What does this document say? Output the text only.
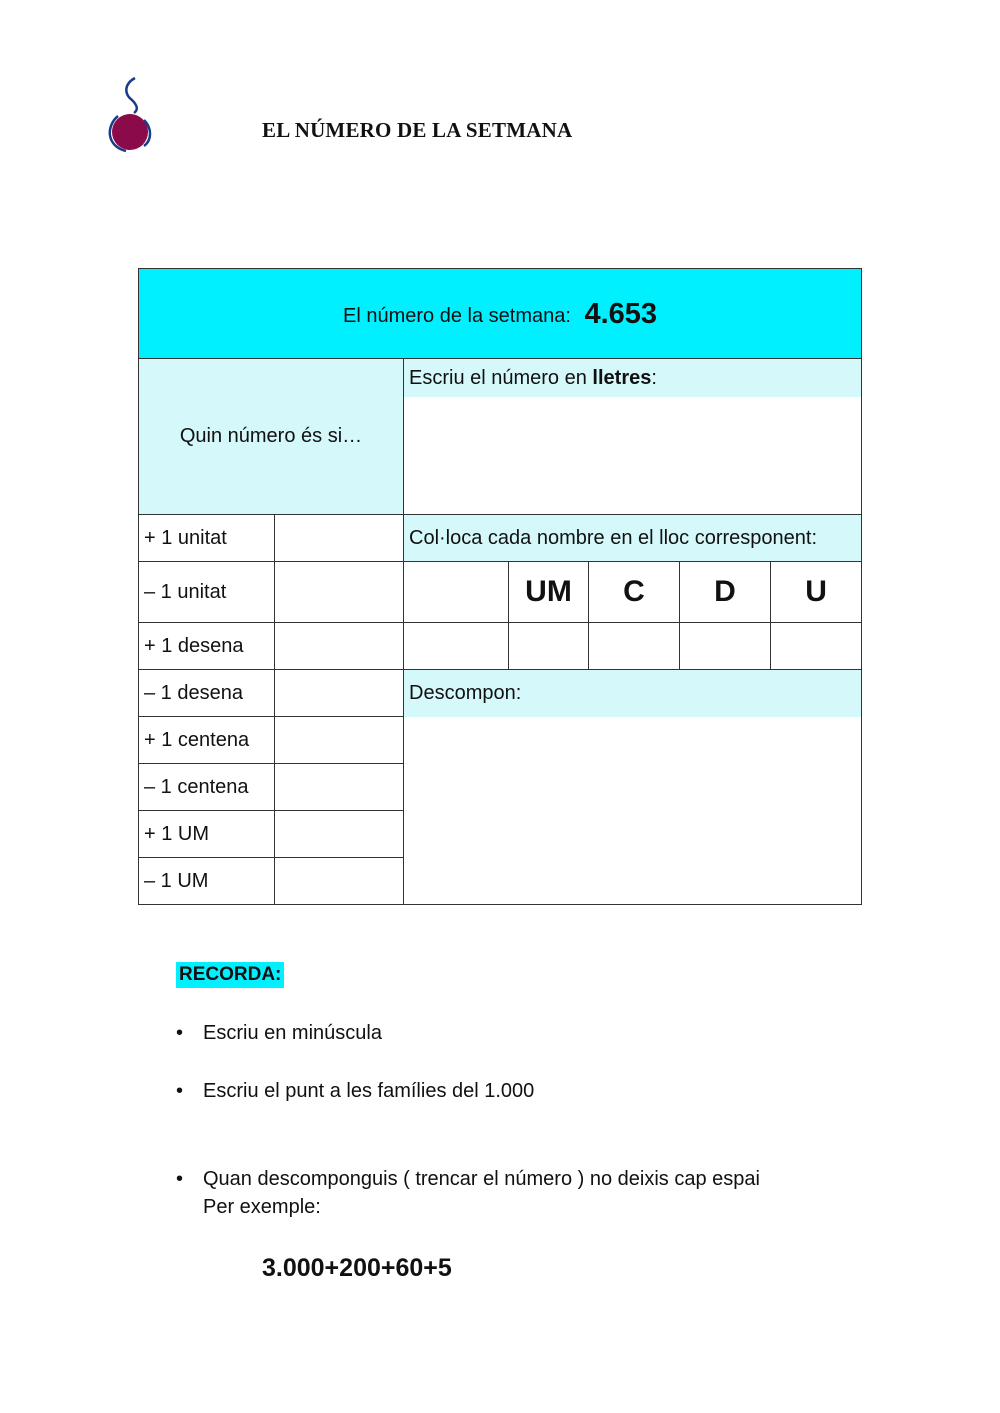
EL NÚMERO DE LA SETMANA
El número de la setmana: 4.653						
Quin número és si…		Escriu el número en lletres:				

+ 1 unitat		Col·loca cada nombre en el lloc corresponent:				
– 1 unitat			UM	C	D	U
+ 1 desena						
– 1 desena		Descompon:				

+ 1 centena						
– 1 centena						
+ 1 UM						
– 1 UM						
RECORDA:
• Escriu en minúscula
• Escriu el punt a les famílies del 1.000
• Quan descomponguis ( trencar el número ) no deixis cap espai
Per exemple:
3.000+200+60+5
